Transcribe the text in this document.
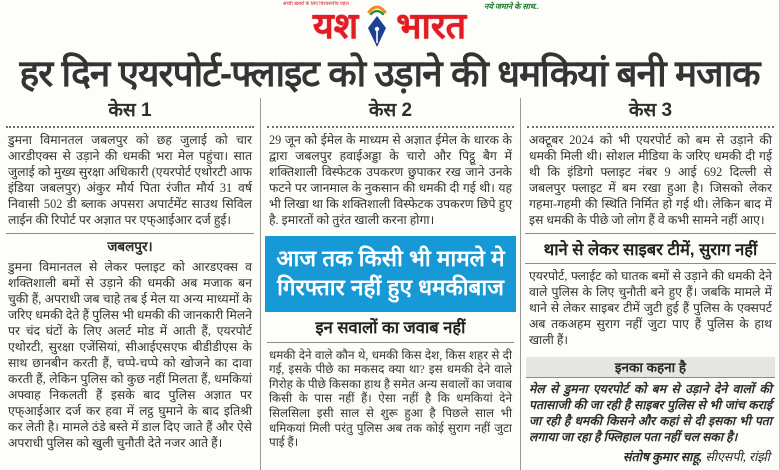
सच्ची खबरों के लिए विश्वसनीय पहल	नये जमाने के साथ..
यश भारत
हर दिन एयरपोर्ट-फ्लाइट को उड़ाने की धमकियां बनी मजाक
केस 1

डुमना विमानतल जबलपुर को छह जुलाई को चार आरडीएक्स से उड़ाने की धमकी भरा मेल पहुंचा। सात जुलाई को मुख्य सुरक्षा अधिकारी (एयरपोर्ट एथोरटी आफ इंडिया जबलपुर) अंकुर मौर्य पिता रंजीत मौर्य 31 वर्ष निवासी 502 डी ब्लाक अपसरा अपार्टमेंट साउथ सिविल लाईन की रिपोर्ट पर अज्ञात पर एफ्आईआर दर्ज हुई।

जबलपुर।

डुमना विमानतल से लेकर फ्लाइट को आरडएक्स व शक्तिशाली बमों से उड़ाने की धमकी अब मजाक बन चुकी हैं, अपराधी जब चाहे तब ई मेल या अन्य माध्यमों के जरिए धमकी देते हैं पुलिस भी धमकी की जानकारी मिलने पर चंद घंटों के लिए अलर्ट मोड में आती हैं, एयरपोर्ट एथोरटी, सुरक्षा एजेंसियां, सीआईएसएफ बीडीडीएस के साथ छानबीन करती हैं, चप्पे-चप्पे को खोजने का दावा करती हैं, लेकिन पुलिस को कुछ नहीं मिलता हैं, धमकियां अफ्वाह निकलती हैं इसके बाद पुलिस अज्ञात पर एफ्आईआर दर्ज कर हवा में लट्ठ घुमाने के बाद इतिश्री कर लेती है। मामले ठंडे बस्ते में डाल दिए जाते हैं और ऐसे अपराधी पुलिस को खुली चुनौती देते नजर आते हैं।

केस 2

29 जून को ईमेल के माध्यम से अज्ञात ईमेल के धारक के द्वारा जबलपुर हवाईअड्डा के चारो और पिट्ठू बैग में शक्तिशाली विस्फेटक उपकरण छुपाकर रख जाने उनके फटने पर जानमाल के नुकसान की धमकी दी गई थी। यह भी लिखा था कि शक्तिशाली विस्फेटक उपकरण छिपे हुए है. इमारतों को तुरंत खाली करना होगा।

आज तक किसी भी मामले मे गिरफ्तार नहीं हुए धमकीबाज
इन सवालों का जवाब नहीं

धमकी देने वाले कौन थे, धमकी किस देश, किस शहर से दी गई, इसके पीछे का मकसद क्या था? इस धमकी देने वाले गिरोह के पीछे किसका हाथ है समेत अन्य सवालों का जवाब किसी के पास नहीं हैं। ऐसा नहीं है कि धमकियां देने सिलसिला इसी साल से शुरू हुआ है पिछले साल भी धमिकयां मिली परंतु पुलिस अब तक कोई सुराग नहीं जुटा पाई हैं।

केस 3

अक्टूबर 2024 को भी एयरपोर्ट को बम से उड़ाने की धमकी मिली थी। सोशल मीडिया के जरिए धमकी दी गई थी कि इंडिगो फ्लाइट नंबर 9 आई 692 दिल्ली से जबलपुर फ्लाइट में बम रखा हुआ है। जिसको लेकर गहमा-गहमी की स्थिति निर्मित हो गई थी। लेकिन बाद में इस धमकी के पीछे जो लोग हैं वे कभी सामने नहीं आए।

थाने से लेकर साइबर टीमें, सुराग नहीं

एयरपोर्ट, फ्लाईट को घातक बमों से उड़ाने की धमकी देने वाले पुलिस के लिए चुनौती बने हुए हैं। जबकि मामले में थाने से लेकर साइबर टीमें जुटी हुई हैं पुलिस के एक्सपर्ट अब तकअहम सुराग नहीं जुटा पाए हैं पुलिस के हाथ खाली हैं।

इनका कहना है

मेल से डुमना एयरपोर्ट को बम से उड़ाने देने वालों की पतासाजी की जा रही है साइबर पुलिस से भी जांच कराई जा रही है धमकी किसने और कहां से दी इसका भी पता लगाया जा रहा है फ्लिहाल पता नहीं चल सका है।

संतोष कुमार साहू, सीएसपी, रांझी
